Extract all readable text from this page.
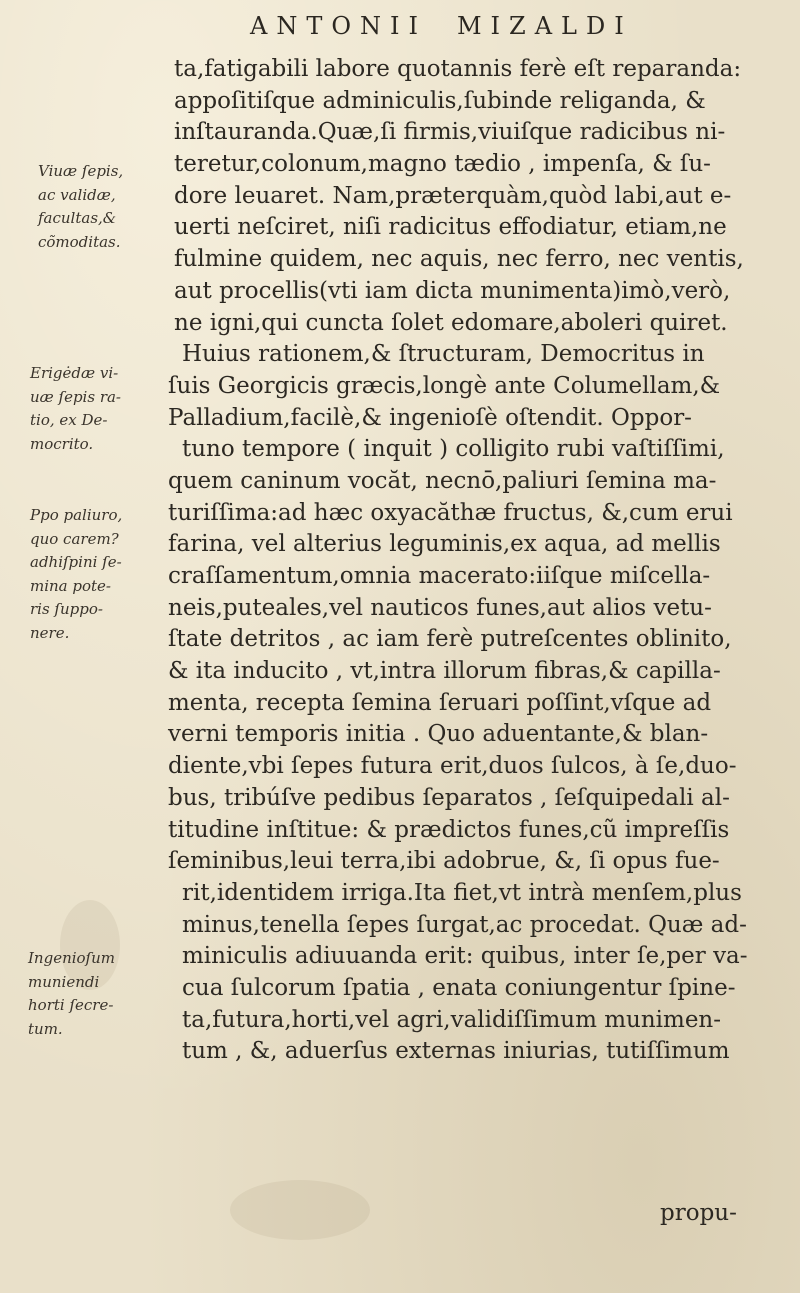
ANTONII MIZALDI
ta,fatigabili labore quotannis ferè eſt reparanda:
appoſitiſque adminiculis,ſubinde religanda, &
inſtauranda.Quæ,ſi firmis,viuiſque radicibus ni-
teretur,colonum,magno tædio , impenſa, & ſu-
dore leuaret. Nam,præterquàm,quòd labi,aut e-
uerti neſciret, niſi radicitus effodiatur, etiam,ne
fulmine quidem, nec aquis, nec ferro, nec ventis,
aut procellis(vti iam dicta munimenta)imò,verò,
ne igni,qui cuncta ſolet edomare,aboleri quiret.
Huius rationem,& ſtructuram, Democritus in
ſuis Georgicis græcis,longè ante Columellam,&
Palladium,facilè,& ingenioſè oſtendit. Oppor-
tuno tempore ( inquit ) colligito rubi vaſtiſſimi,
quem caninum vocăt, necnō,paliuri ſemina ma-
turiſſima:ad hæc oxyacăthæ fructus, &,cum erui
farina, vel alterius leguminis,ex aqua, ad mellis
craſſamentum,omnia macerato:iiſque miſcella-
neis,puteales,vel nauticos funes,aut alios vetu-
ſtate detritos , ac iam ferè putreſcentes oblinito,
& ita inducito , vt,intra illorum fibras,& capilla-
menta, recepta ſemina ſeruari poſſint,vſque ad
verni temporis initia . Quo aduentante,& blan-
diente,vbi ſepes futura erit,duos ſulcos, à ſe,duo-
bus, tribúſve pedibus ſeparatos , ſeſquipedali al-
titudine inſtitue: & prædictos funes,cũ impreſſis
ſeminibus,leui terra,ibi adobrue, &, ſi opus fue-
rit,identidem irriga.Ita fiet,vt intrà menſem,plus
minus,tenella ſepes ſurgat,ac procedat. Quæ ad-
miniculis adiuuanda erit: quibus, inter ſe,per va-
cua ſulcorum ſpatia , enata coniungentur ſpine-
ta,futura,horti,vel agri,validiſſimum munimen-
tum , &, aduerſus externas iniurias, tutiſſimum
propu-
Viuæ ſepis,
ac validæ,
facultas,&
cõmoditas.
Erigėdæ vi-
uæ ſepis ra-
tio, ex De-
mocrito.
Ppo paliuro,
quo carem?
adhiſpini ſe-
mina pote-
ris ſuppo-
nere.
Ingenioſum
muniendi
horti ſecre-
tum.
